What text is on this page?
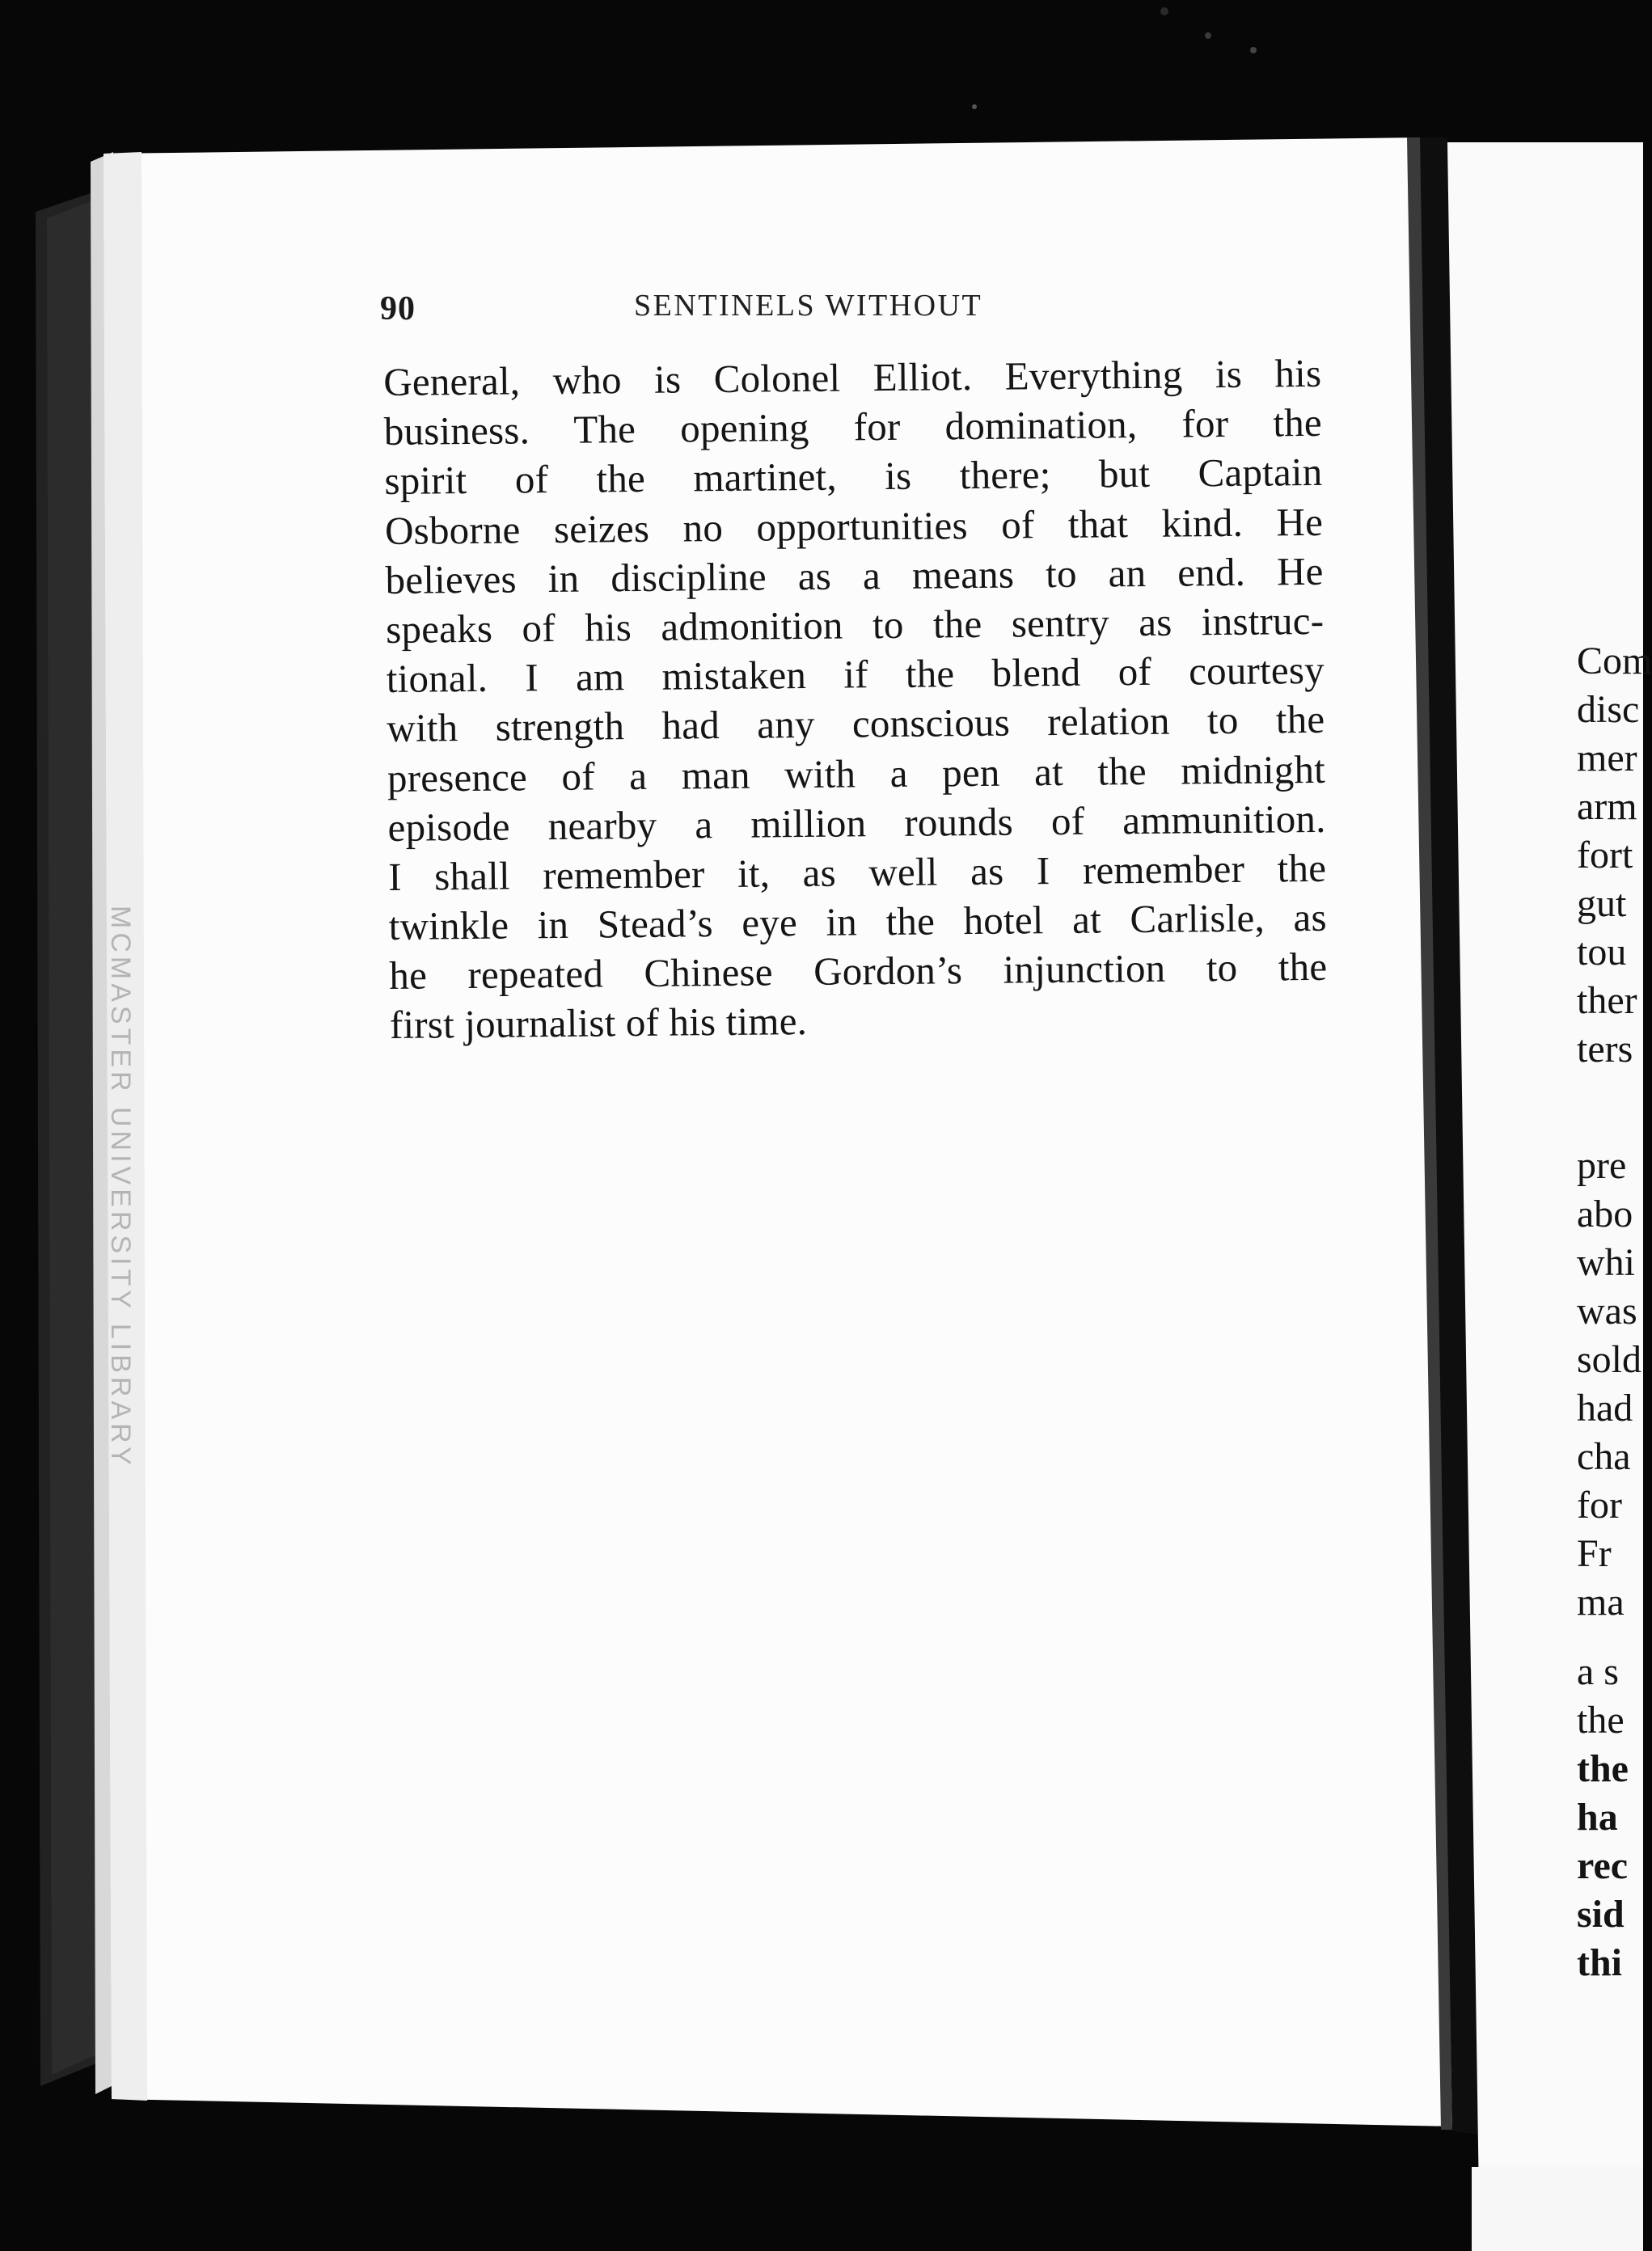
90	SENTINELS WITHOUT
General, who is Colonel Elliot. Everything is his
business. The opening for domination, for the
spirit of the martinet, is there; but Captain
Osborne seizes no opportunities of that kind. He
believes in discipline as a means to an end. He
speaks of his admonition to the sentry as instruc-
tional. I am mistaken if the blend of courtesy
with strength had any conscious relation to the
presence of a man with a pen at the midnight
episode nearby a million rounds of ammunition.
I shall remember it, as well as I remember the
twinkle in Stead’s eye in the hotel at Carlisle, as
he repeated Chinese Gordon’s injunction to the
first journalist of his time.
MCMASTER UNIVERSITY LIBRARY
Com
disc
mer
arm
fort
gut
tou
ther
ters
pre
abo
whi
was
sold
had
cha
for
Fr
ma
a s
the
the
ha
rec
sid
thi
